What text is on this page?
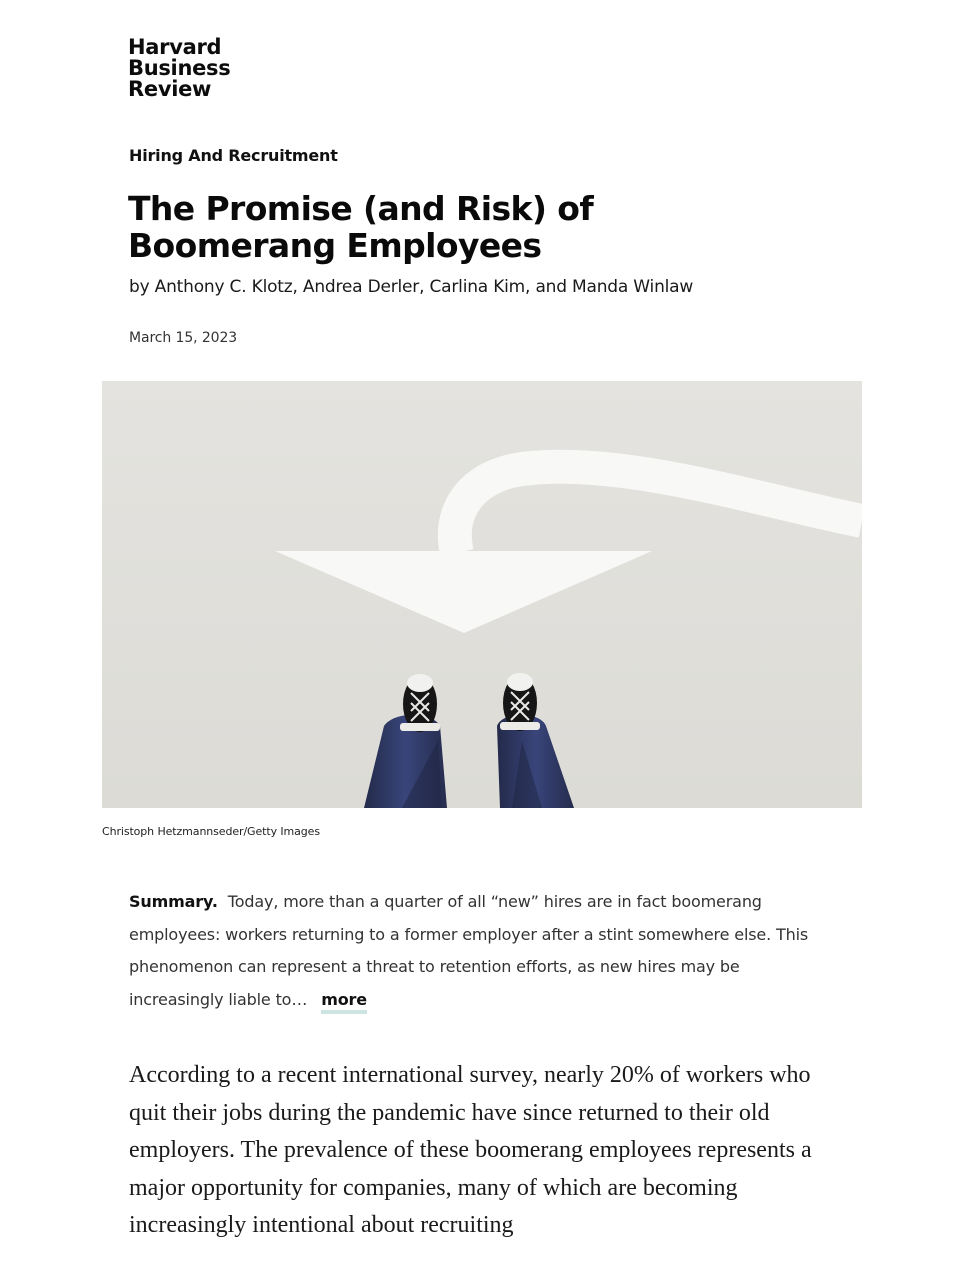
Harvard
Business
Review
Hiring And Recruitment
The Promise (and Risk) of Boomerang Employees
by Anthony C. Klotz, Andrea Derler, Carlina Kim, and Manda Winlaw
March 15, 2023
Christoph Hetzmannseder/Getty Images

Summary. Today, more than a quarter of all “new” hires are in fact boomerang employees: workers returning to a former employer after a stint somewhere else. This phenomenon can represent a threat to retention efforts, as new hires may be increasingly liable to… more

According to a recent international survey, nearly 20% of workers who quit their jobs during the pandemic have since returned to their old employers. The prevalence of these boomerang employees represents a major opportunity for companies, many of which are becoming increasingly intentional about recruiting
